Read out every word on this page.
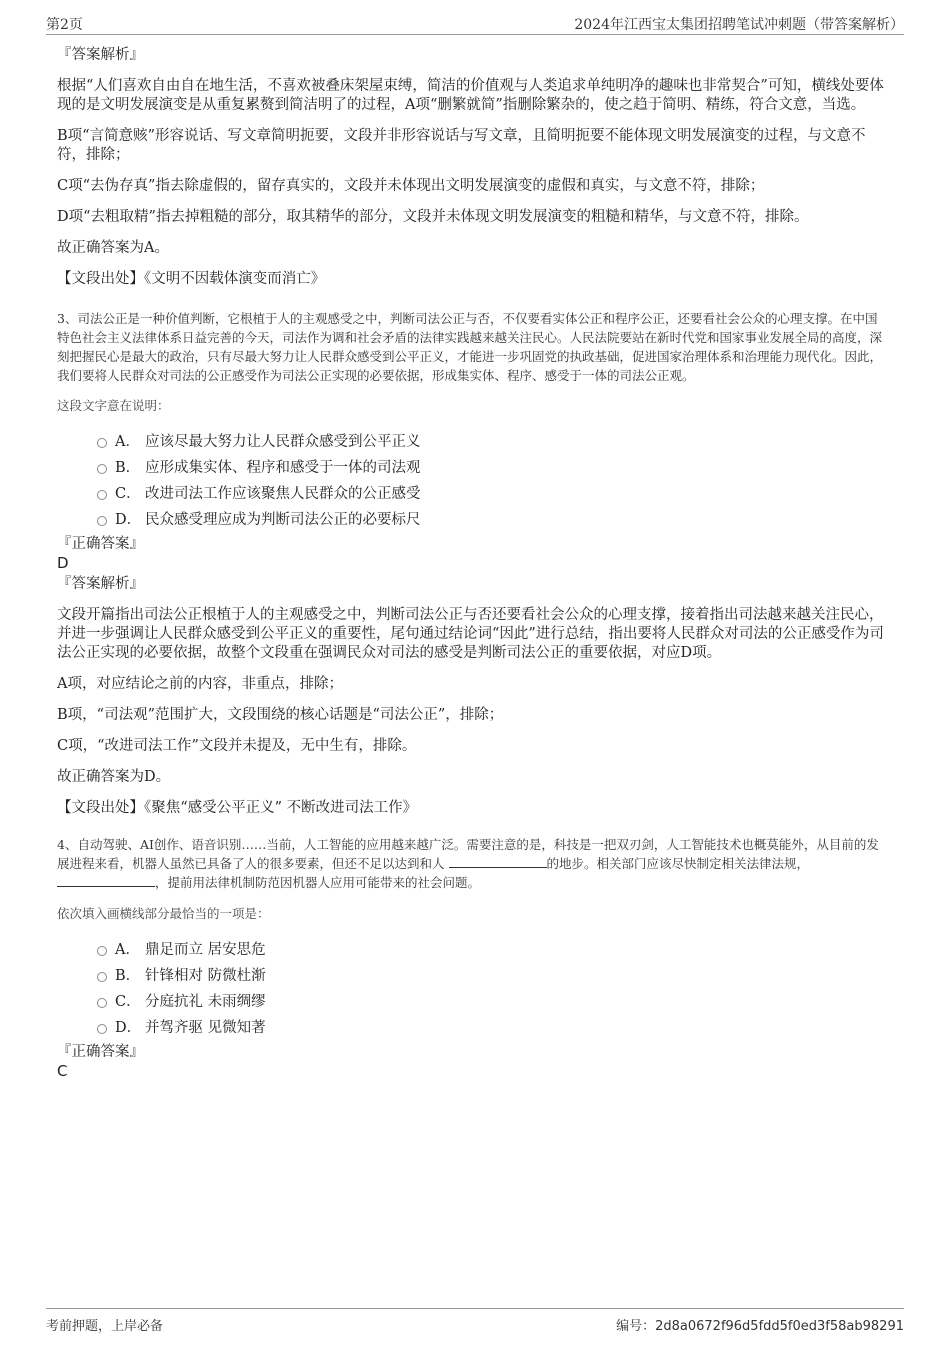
第2页	2024年江西宝太集团招聘笔试冲刺题（带答案解析）

『答案解析』

根据“人们喜欢自由自在地生活，不喜欢被叠床架屋束缚，简洁的价值观与人类追求单纯明净的趣味也非常契合”可知，横线处要体现的是文明发展演变是从重复累赘到简洁明了的过程，A项“删繁就简”指删除繁杂的，使之趋于简明、精练，符合文意，当选。

B项“言简意赅”形容说话、写文章简明扼要，文段并非形容说话与写文章，且简明扼要不能体现文明发展演变的过程，与文意不符，排除；

C项“去伪存真”指去除虚假的，留存真实的，文段并未体现出文明发展演变的虚假和真实，与文意不符，排除；

D项“去粗取精”指去掉粗糙的部分，取其精华的部分，文段并未体现文明发展演变的粗糙和精华，与文意不符，排除。

故正确答案为A。

【文段出处】《文明不因载体演变而消亡》

3、司法公正是一种价值判断，它根植于人的主观感受之中，判断司法公正与否，不仅要看实体公正和程序公正，还要看社会公众的心理支撑。在中国特色社会主义法律体系日益完善的今天，司法作为调和社会矛盾的法律实践越来越关注民心。人民法院要站在新时代党和国家事业发展全局的高度，深刻把握民心是最大的政治，只有尽最大努力让人民群众感受到公平正义，才能进一步巩固党的执政基础，促进国家治理体系和治理能力现代化。因此，我们要将人民群众对司法的公正感受作为司法公正实现的必要依据，形成集实体、程序、感受于一体的司法公正观。

这段文字意在说明：

A． 应该尽最大努力让人民群众感受到公平正义
B． 应形成集实体、程序和感受于一体的司法观
C． 改进司法工作应该聚焦人民群众的公正感受
D． 民众感受理应成为判断司法公正的必要标尺

『正确答案』

D

『答案解析』

文段开篇指出司法公正根植于人的主观感受之中，判断司法公正与否还要看社会公众的心理支撑，接着指出司法越来越关注民心，并进一步强调让人民群众感受到公平正义的重要性，尾句通过结论词“因此”进行总结，指出要将人民群众对司法的公正感受作为司法公正实现的必要依据，故整个文段重在强调民众对司法的感受是判断司法公正的重要依据，对应D项。

A项，对应结论之前的内容，非重点，排除；

B项，“司法观”范围扩大，文段围绕的核心话题是“司法公正”，排除；

C项，“改进司法工作”文段并未提及，无中生有，排除。

故正确答案为D。

【文段出处】《聚焦“感受公平正义” 不断改进司法工作》

4、自动驾驶、AI创作、语音识别……当前，人工智能的应用越来越广泛。需要注意的是，科技是一把双刃剑，人工智能技术也概莫能外，从目前的发展进程来看，机器人虽然已具备了人的很多要素，但还不足以达到和人	的地步。相关部门应该尽快制定相关法律法规，，提前用法律机制防范因机器人应用可能带来的社会问题。

依次填入画横线部分最恰当的一项是：

A． 鼎足而立 居安思危
B． 针锋相对 防微杜渐
C． 分庭抗礼 未雨绸缪
D． 并驾齐驱 见微知著

『正确答案』

C

考前押题，上岸必备	编号：2d8a0672f96d5fdd5f0ed3f58ab98291
